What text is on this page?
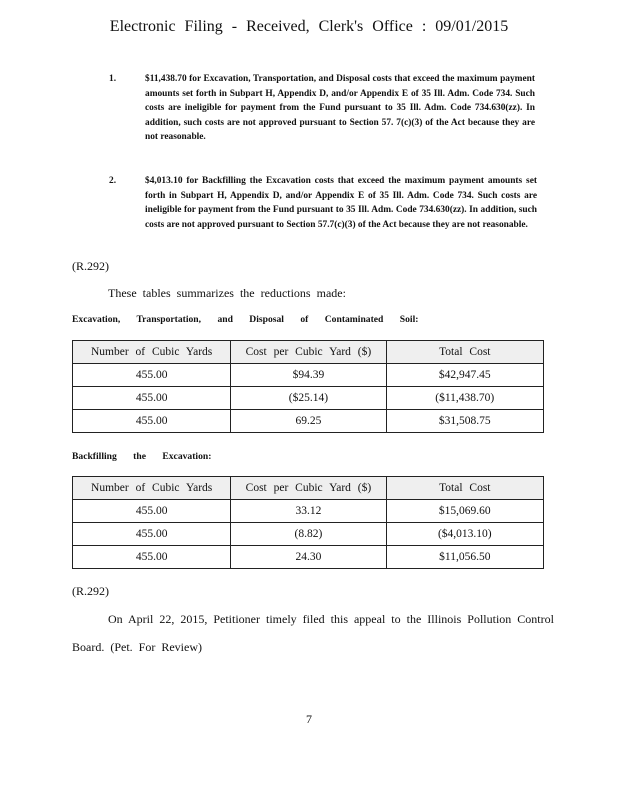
Electronic Filing - Received, Clerk's Office : 09/01/2015
1.	$11,438.70 for Excavation, Transportation, and Disposal costs that exceed the maximum payment amounts set forth in Subpart H, Appendix D, and/or Appendix E of 35 Ill. Adm. Code 734. Such costs are ineligible for payment from the Fund pursuant to 35 Ill. Adm. Code 734.630(zz). In addition, such costs are not approved pursuant to Section 57. 7(c)(3) of the Act because they are not reasonable.

2.	$4,013.10 for Backfilling the Excavation costs that exceed the maximum payment amounts set forth in Subpart H, Appendix D, and/or Appendix E of 35 Ill. Adm. Code 734. Such costs are ineligible for payment from the Fund pursuant to 35 Ill. Adm. Code 734.630(zz). In addition, such costs are not approved pursuant to Section 57.7(c)(3) of the Act because they are not reasonable.

(R.292)
These tables summarizes the reductions made:
Excavation, Transportation, and Disposal of Contaminated Soil:
Number of Cubic Yards	Cost per Cubic Yard ($)	Total Cost
455.00	$94.39	$42,947.45
455.00	($25.14)	($11,438.70)
455.00	69.25	$31,508.75
Backfilling the Excavation:
Number of Cubic Yards	Cost per Cubic Yard ($)	Total Cost
455.00	33.12	$15,069.60
455.00	(8.82)	($4,013.10)
455.00	24.30	$11,056.50
(R.292)
On April 22, 2015, Petitioner timely filed this appeal to the Illinois Pollution Control
Board. (Pet. For Review)
7
